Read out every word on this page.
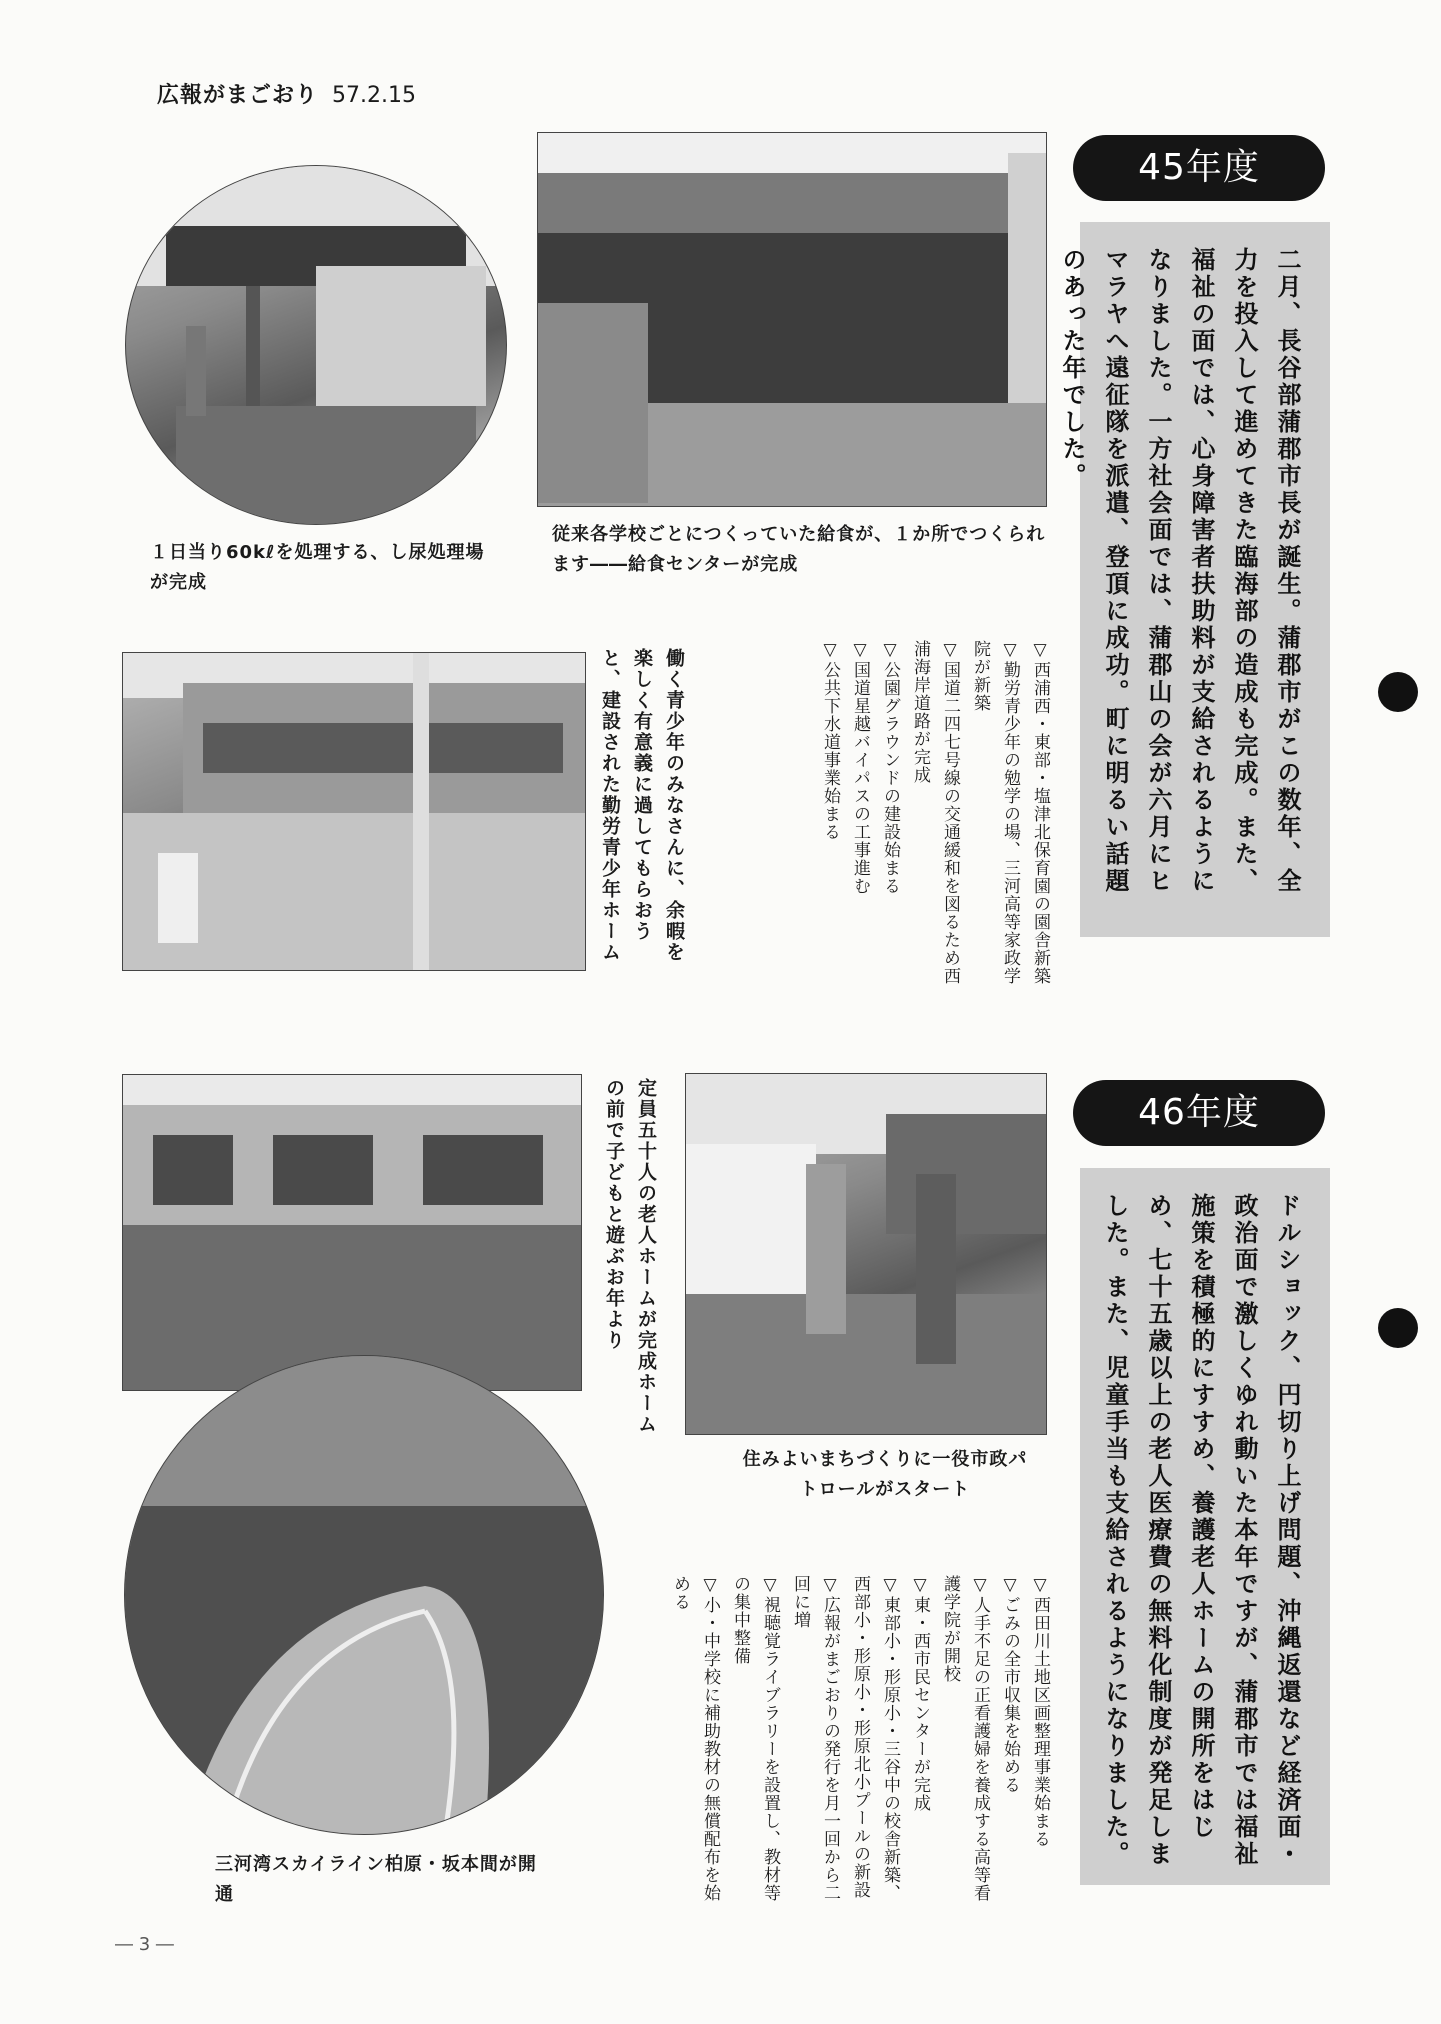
広報がまごおり 57.2.15
１日当り60kℓを処理する、し尿処理場が完成
従来各学校ごとにつくっていた給食が、１か所でつくられます――給食センターが完成
45年度
二月、長谷部蒲郡市長が誕生。蒲郡市がこの数年、全力を投入して進めてきた臨海部の造成も完成。また、福祉の面では、心身障害者扶助料が支給されるようになりました。一方社会面では、蒲郡山の会が六月にヒマラヤへ遠征隊を派遣、登頂に成功。町に明るい話題のあった年でした。
▽西浦西・東部・塩津北保育園の園舎新築
▽勤労青少年の勉学の場、三河高等家政学院が新築
▽国道二四七号線の交通緩和を図るため西浦海岸道路が完成
▽公園グラウンドの建設始まる
▽国道星越バイパスの工事進む
▽公共下水道事業始まる
働く青少年のみなさんに、余暇を楽しく有意義に過してもらおうと、建設された勤労青少年ホーム
定員五十人の老人ホームが完成ホームの前で子どもと遊ぶお年より
三河湾スカイライン柏原・坂本間が開通
住みよいまちづくりに一役市政パトロールがスタート
46年度
ドルショック、円切り上げ問題、沖縄返還など経済面・政治面で激しくゆれ動いた本年ですが、蒲郡市では福祉施策を積極的にすすめ、養護老人ホームの開所をはじめ、七十五歳以上の老人医療費の無料化制度が発足しました。また、児童手当も支給されるようになりました。
▽西田川土地区画整理事業始まる
▽ごみの全市収集を始める
▽人手不足の正看護婦を養成する高等看護学院が開校
▽東・西市民センターが完成
▽東部小・形原小・三谷中の校舎新築、西部小・形原小・形原北小プールの新設
▽広報がまごおりの発行を月一回から二回に増
▽視聴覚ライブラリーを設置し、教材等の集中整備
▽小・中学校に補助教材の無償配布を始める
― 3 ―
